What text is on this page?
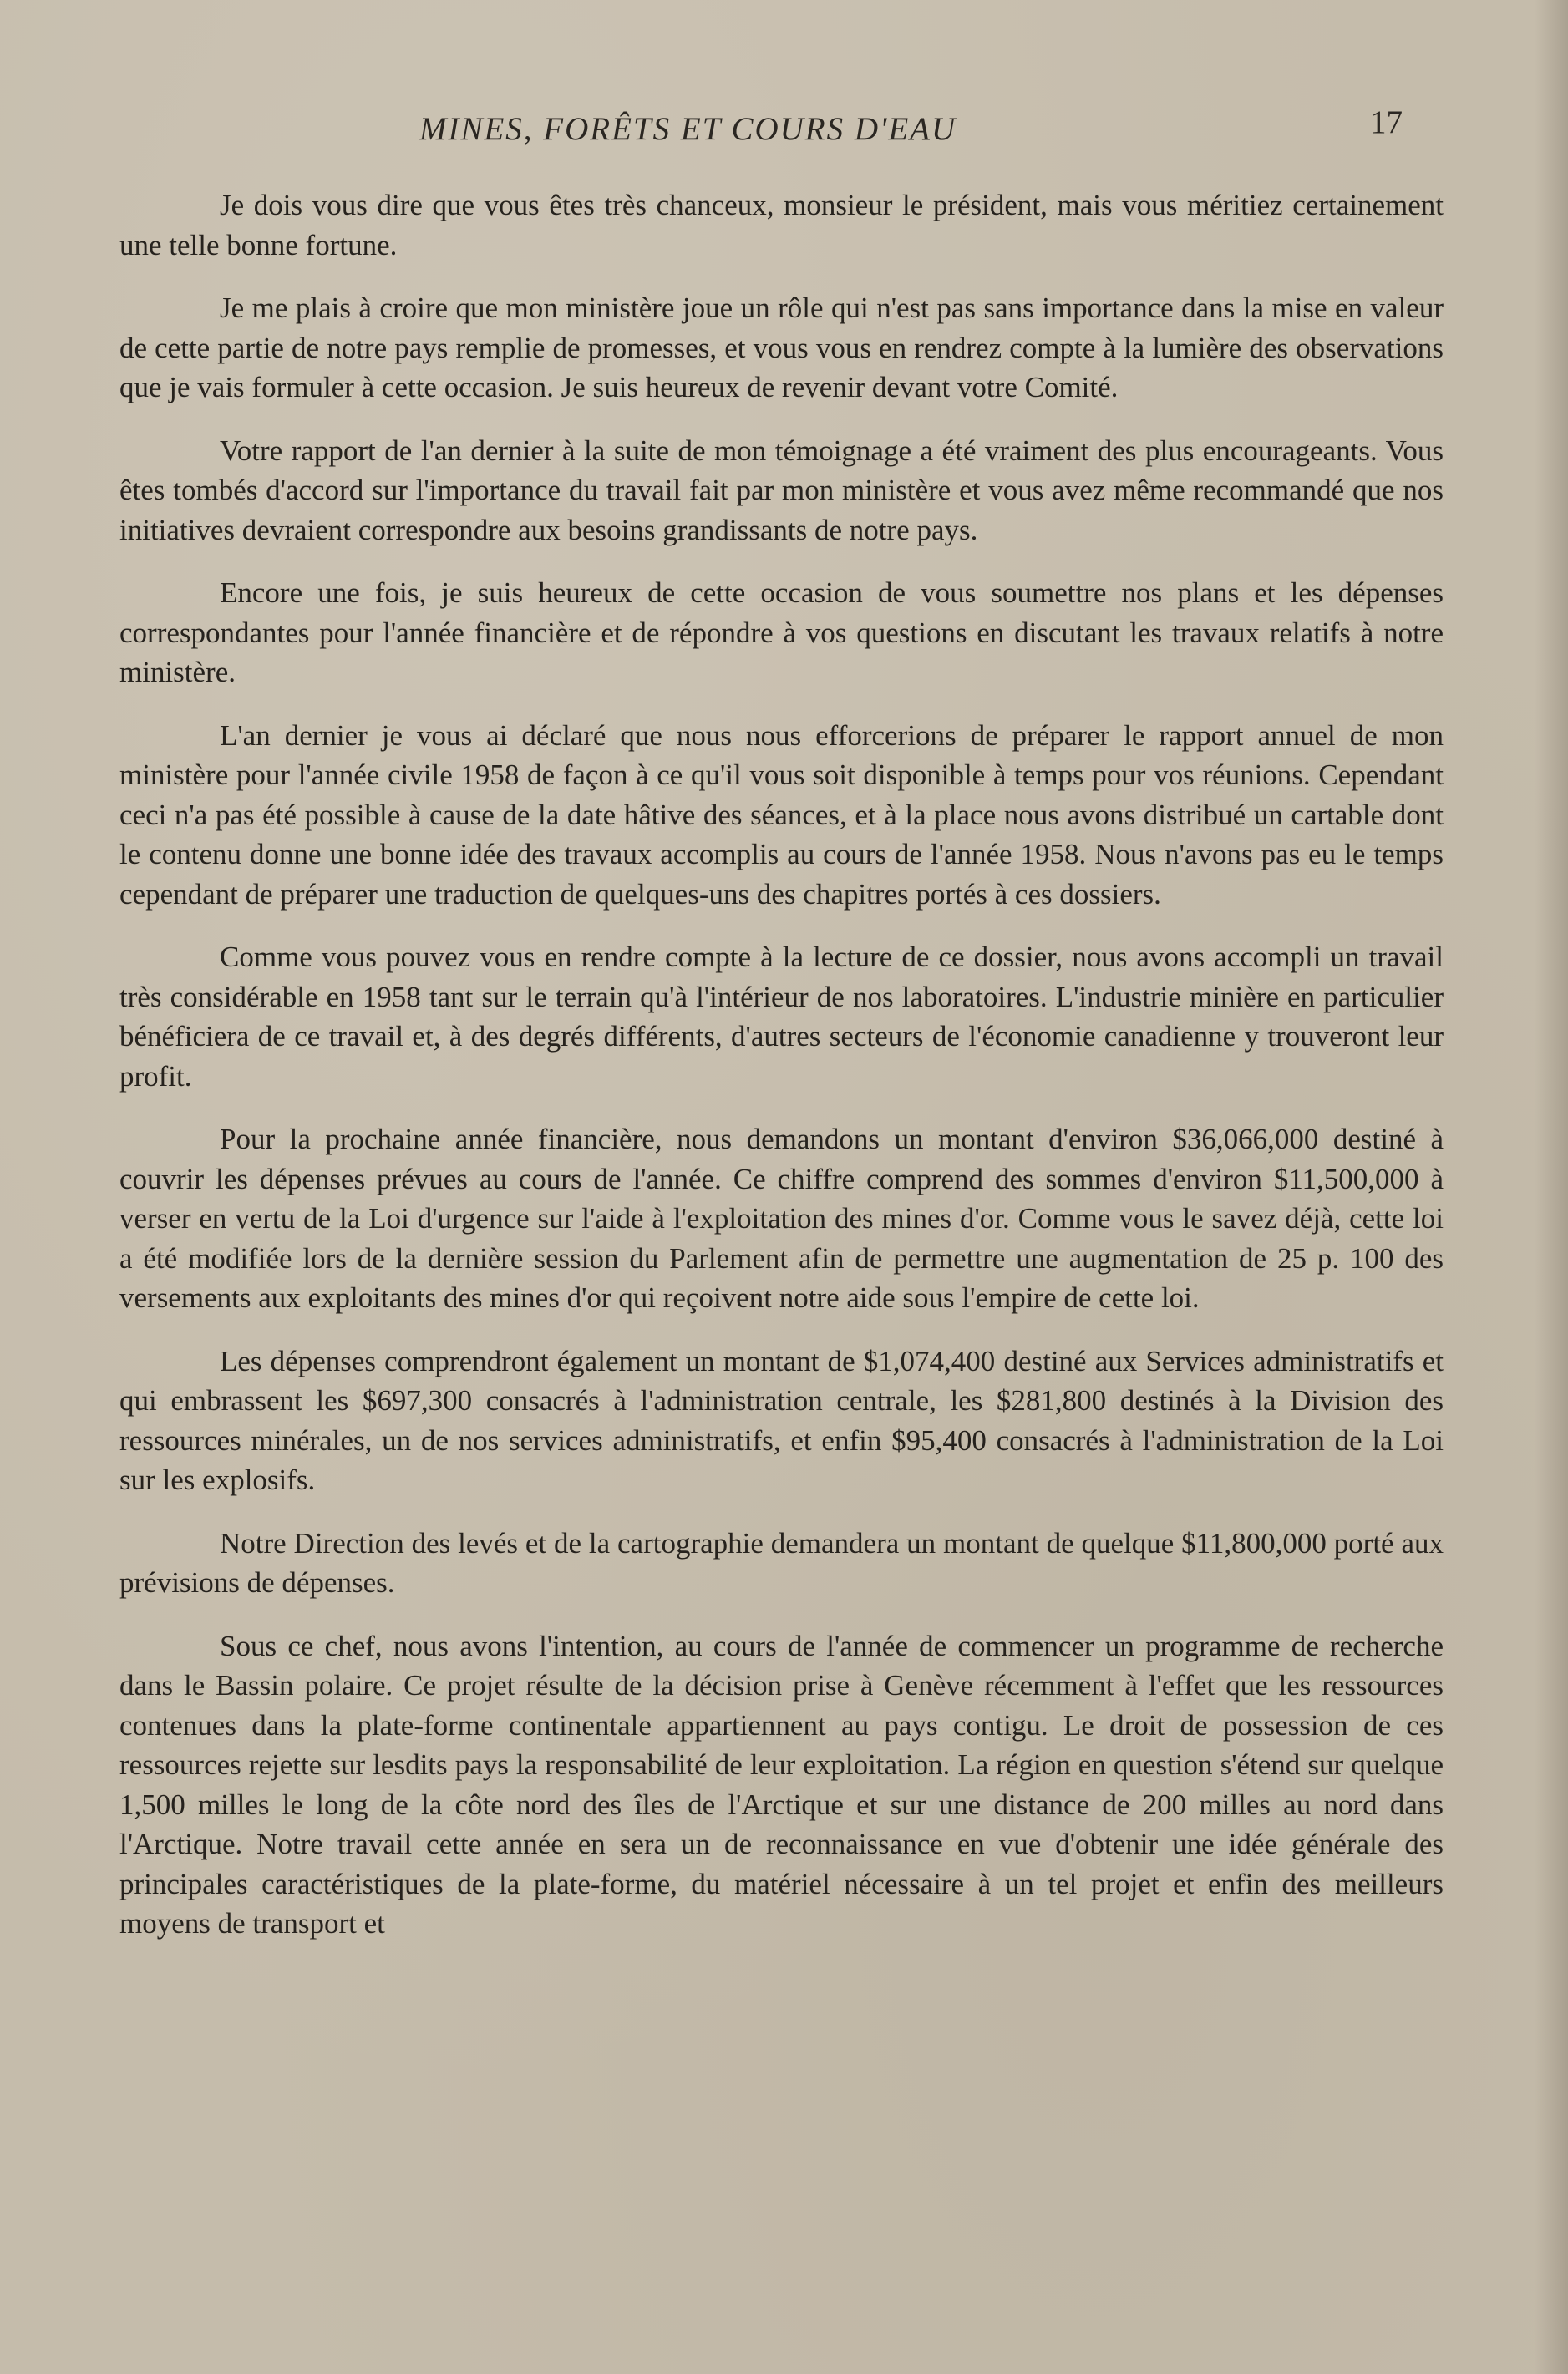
MINES, FORÊTS ET COURS D'EAU	17

Je dois vous dire que vous êtes très chanceux, monsieur le président, mais vous méritiez certainement une telle bonne fortune.

Je me plais à croire que mon ministère joue un rôle qui n'est pas sans importance dans la mise en valeur de cette partie de notre pays remplie de promesses, et vous vous en rendrez compte à la lumière des observations que je vais formuler à cette occasion. Je suis heureux de revenir devant votre Comité.

Votre rapport de l'an dernier à la suite de mon témoignage a été vraiment des plus encourageants. Vous êtes tombés d'accord sur l'importance du travail fait par mon ministère et vous avez même recommandé que nos initiatives devraient correspondre aux besoins grandissants de notre pays.

Encore une fois, je suis heureux de cette occasion de vous soumettre nos plans et les dépenses correspondantes pour l'année financière et de répondre à vos questions en discutant les travaux relatifs à notre ministère.

L'an dernier je vous ai déclaré que nous nous efforcerions de préparer le rapport annuel de mon ministère pour l'année civile 1958 de façon à ce qu'il vous soit disponible à temps pour vos réunions. Cependant ceci n'a pas été possible à cause de la date hâtive des séances, et à la place nous avons distribué un cartable dont le contenu donne une bonne idée des travaux accomplis au cours de l'année 1958. Nous n'avons pas eu le temps cependant de préparer une traduction de quelques-uns des chapitres portés à ces dossiers.

Comme vous pouvez vous en rendre compte à la lecture de ce dossier, nous avons accompli un travail très considérable en 1958 tant sur le terrain qu'à l'intérieur de nos laboratoires. L'industrie minière en particulier bénéficiera de ce travail et, à des degrés différents, d'autres secteurs de l'économie canadienne y trouveront leur profit.

Pour la prochaine année financière, nous demandons un montant d'environ $36,066,000 destiné à couvrir les dépenses prévues au cours de l'année. Ce chiffre comprend des sommes d'environ $11,500,000 à verser en vertu de la Loi d'urgence sur l'aide à l'exploitation des mines d'or. Comme vous le savez déjà, cette loi a été modifiée lors de la dernière session du Parlement afin de permettre une augmentation de 25 p. 100 des versements aux exploitants des mines d'or qui reçoivent notre aide sous l'empire de cette loi.

Les dépenses comprendront également un montant de $1,074,400 destiné aux Services administratifs et qui embrassent les $697,300 consacrés à l'administration centrale, les $281,800 destinés à la Division des ressources minérales, un de nos services administratifs, et enfin $95,400 consacrés à l'administration de la Loi sur les explosifs.

Notre Direction des levés et de la cartographie demandera un montant de quelque $11,800,000 porté aux prévisions de dépenses.

Sous ce chef, nous avons l'intention, au cours de l'année de commencer un programme de recherche dans le Bassin polaire. Ce projet résulte de la décision prise à Genève récemment à l'effet que les ressources contenues dans la plate-forme continentale appartiennent au pays contigu. Le droit de possession de ces ressources rejette sur lesdits pays la responsabilité de leur exploitation. La région en question s'étend sur quelque 1,500 milles le long de la côte nord des îles de l'Arctique et sur une distance de 200 milles au nord dans l'Arctique. Notre travail cette année en sera un de reconnaissance en vue d'obtenir une idée générale des principales caractéristiques de la plate-forme, du matériel nécessaire à un tel projet et enfin des meilleurs moyens de transport et
